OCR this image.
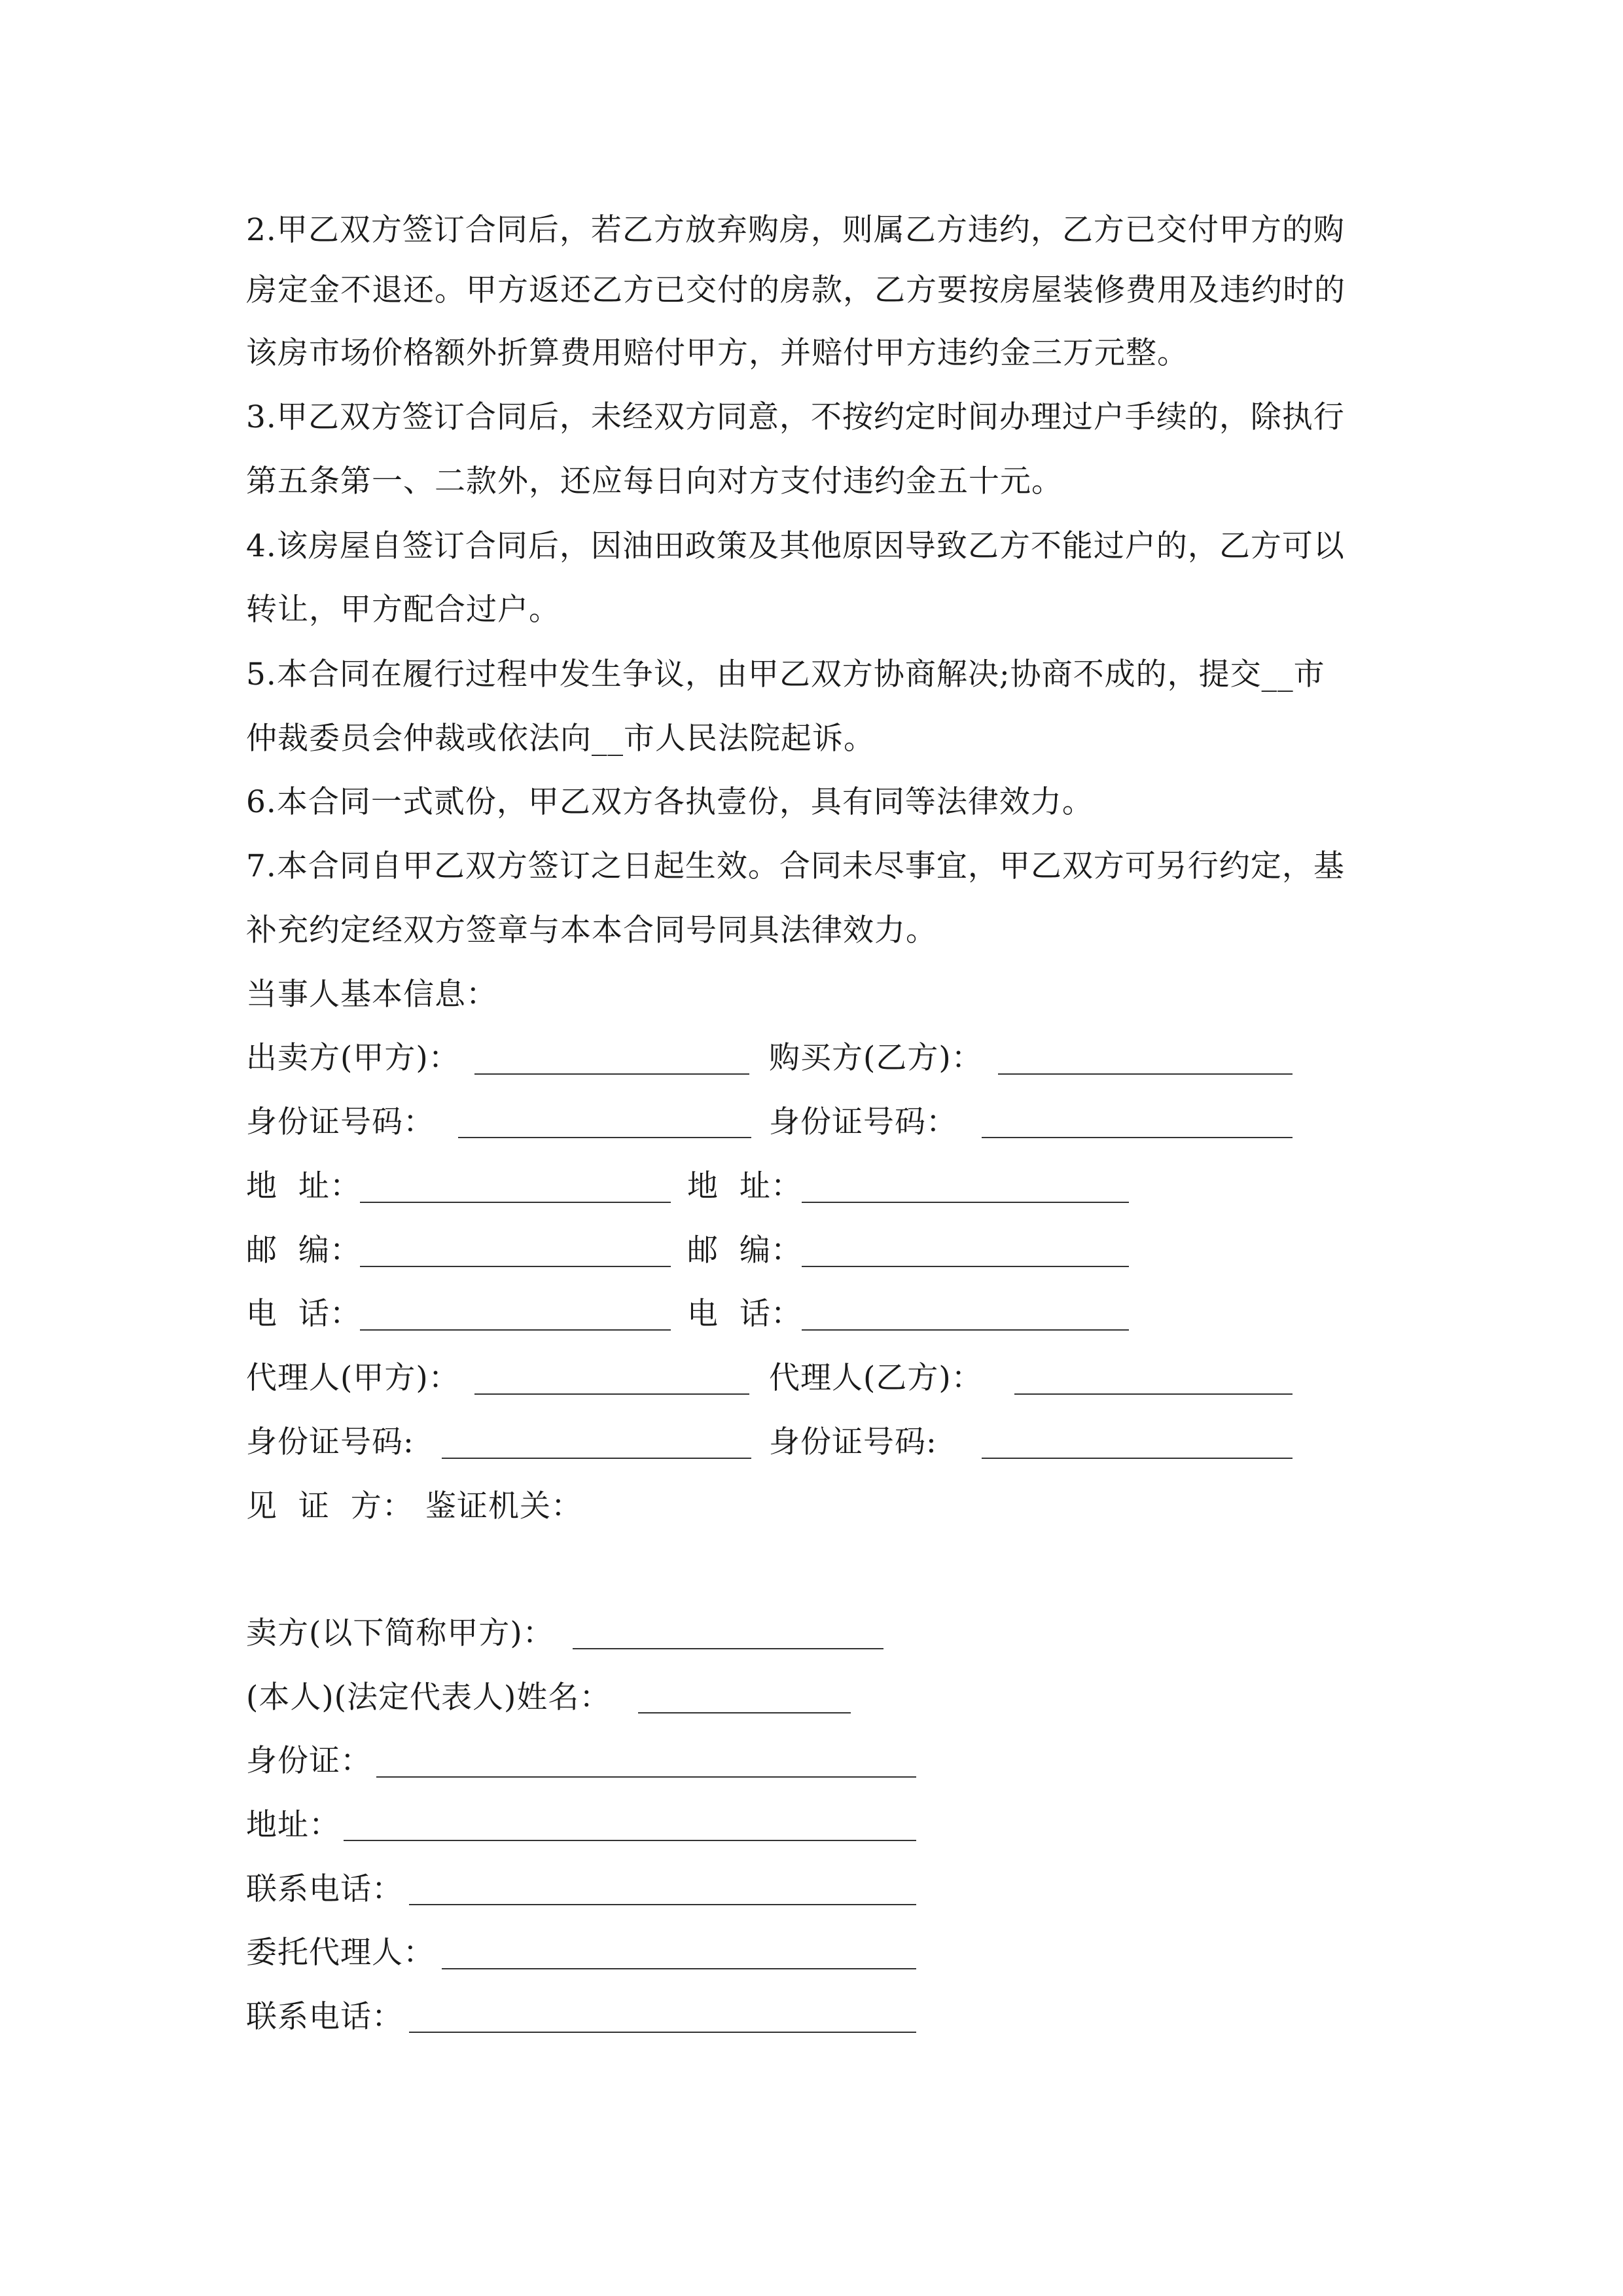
2.甲乙双方签订合同后，若乙方放弃购房，则属乙方违约，乙方已交付甲方的购
房定金不退还。甲方返还乙方已交付的房款，乙方要按房屋装修费用及违约时的
该房市场价格额外折算费用赔付甲方，并赔付甲方违约金三万元整。
3.甲乙双方签订合同后，未经双方同意，不按约定时间办理过户手续的，除执行
第五条第一、二款外，还应每日向对方支付违约金五十元。
4.该房屋自签订合同后，因油田政策及其他原因导致乙方不能过户的，乙方可以
转让，甲方配合过户。
5.本合同在履行过程中发生争议，由甲乙双方协商解决;协商不成的，提交__市
仲裁委员会仲裁或依法向__市人民法院起诉。
6.本合同一式贰份，甲乙双方各执壹份，具有同等法律效力。
7.本合同自甲乙双方签订之日起生效。合同未尽事宜，甲乙双方可另行约定，基
补充约定经双方签章与本本合同号同具法律效力。
当事人基本信息：
出卖方(甲方)：	购买方(乙方)：
身份证号码：	身份证号码：
地  址：	地  址：
邮  编：	邮  编：
电  话：	电  话：
代理人(甲方)：	代理人(乙方)：
身份证号码:	身份证号码:
见  证  方： 鉴证机关：
卖方(以下简称甲方)：
(本人)(法定代表人)姓名：
身份证：
地址：
联系电话：
委托代理人：
联系电话：
